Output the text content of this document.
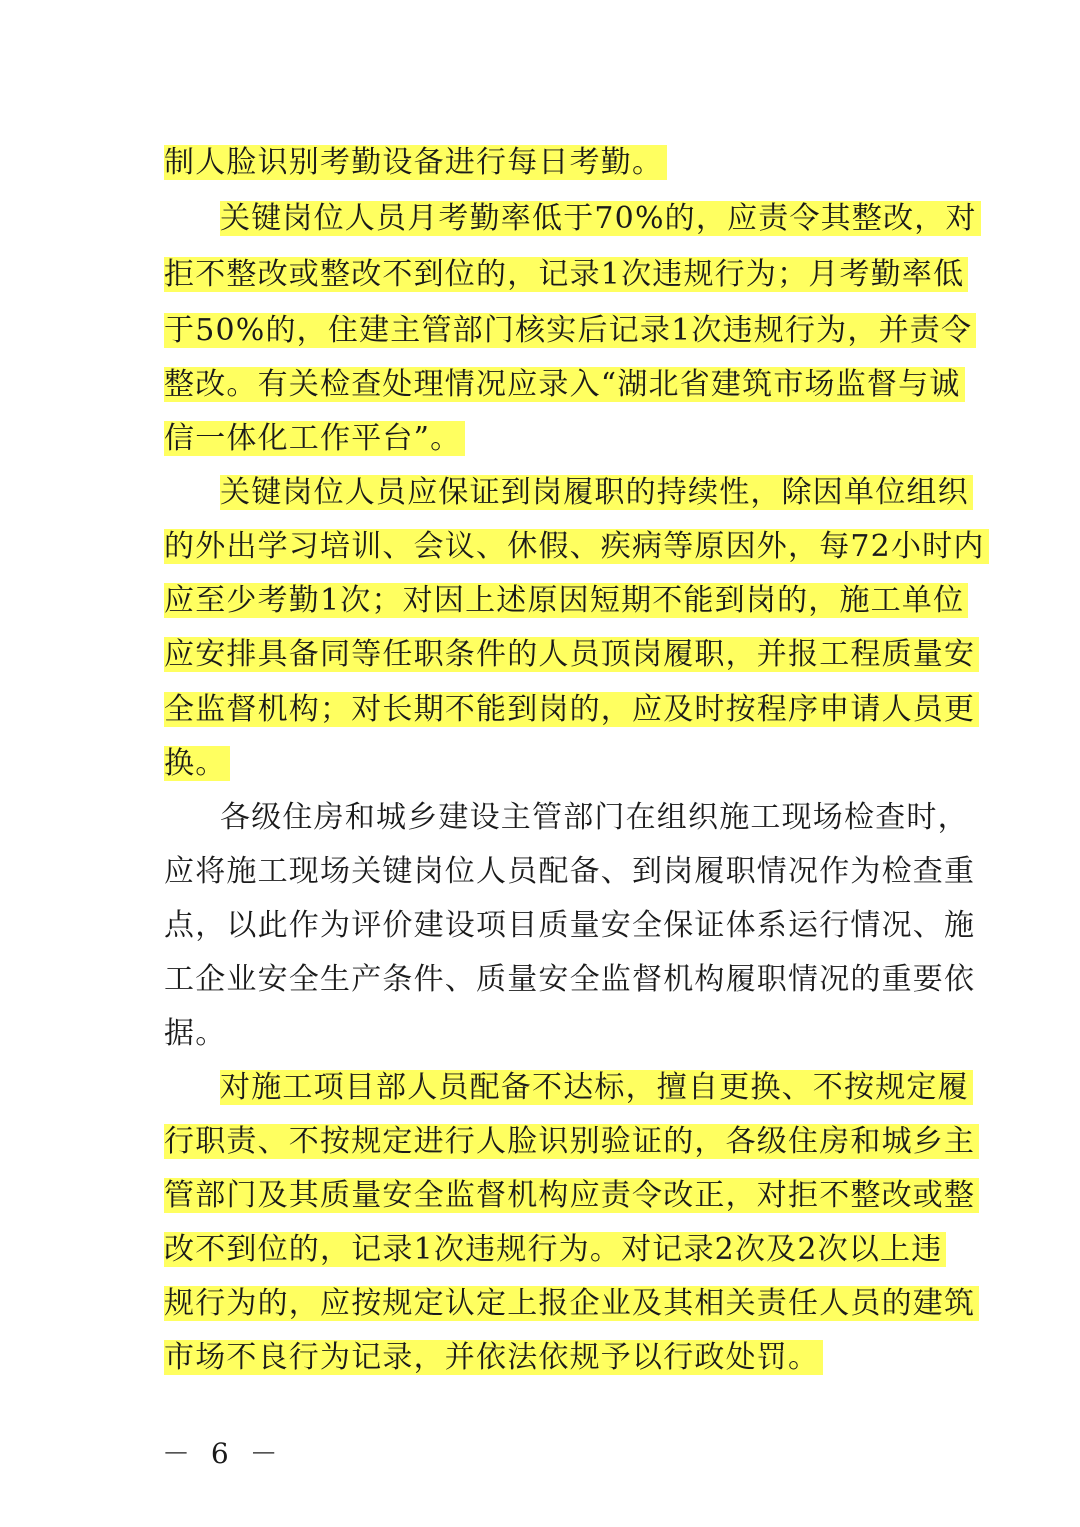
制人脸识别考勤设备进行每日考勤。
关键岗位人员月考勤率低于70%的，应责令其整改，对
拒不整改或整改不到位的，记录1次违规行为；月考勤率低
于50%的，住建主管部门核实后记录1次违规行为，并责令
整改。有关检查处理情况应录入“湖北省建筑市场监督与诚
信一体化工作平台”。
关键岗位人员应保证到岗履职的持续性，除因单位组织
的外出学习培训、会议、休假、疾病等原因外，每72小时内
应至少考勤1次；对因上述原因短期不能到岗的，施工单位
应安排具备同等任职条件的人员顶岗履职，并报工程质量安
全监督机构；对长期不能到岗的，应及时按程序申请人员更
换。
各级住房和城乡建设主管部门在组织施工现场检查时，
应将施工现场关键岗位人员配备、到岗履职情况作为检查重
点，以此作为评价建设项目质量安全保证体系运行情况、施
工企业安全生产条件、质量安全监督机构履职情况的重要依
据。
对施工项目部人员配备不达标，擅自更换、不按规定履
行职责、不按规定进行人脸识别验证的，各级住房和城乡主
管部门及其质量安全监督机构应责令改正，对拒不整改或整
改不到位的，记录1次违规行为。对记录2次及2次以上违
规行为的，应按规定认定上报企业及其相关责任人员的建筑
市场不良行为记录，并依法依规予以行政处罚。
－ 6 －
